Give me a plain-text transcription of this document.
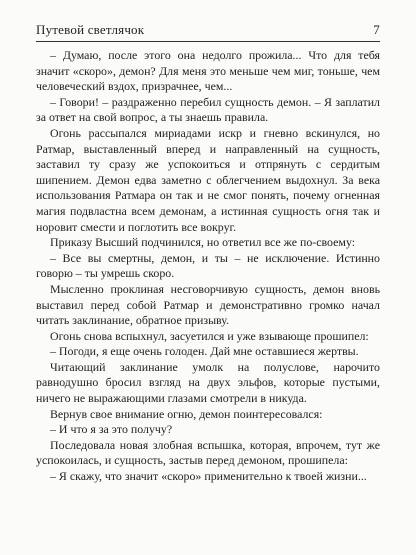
Путевой светлячок	7

– Думаю, после этого она недолго прожила... Что для тебя значит «скоро», демон? Для меня это меньше чем миг, тоньше, чем человеческий вздох, призрачнее, чем...

– Говори! – раздраженно перебил сущность демон. – Я заплатил за ответ на свой вопрос, а ты знаешь правила.

Огонь рассыпался мириадами искр и гневно вскинулся, но Ратмар, выставленный вперед и направленный на сущность, заставил ту сразу же успокоиться и отпрянуть с сердитым шипением. Демон едва заметно с облегчением выдохнул. За века использования Ратмара он так и не смог понять, почему огненная магия подвластна всем демонам, а истинная сущность огня так и норовит смести и поглотить все вокруг.

Приказу Высший подчинился, но ответил все же по-своему:

– Все вы смертны, демон, и ты – не исключение. Истинно говорю – ты умрешь скоро.

Мысленно проклиная несговорчивую сущность, демон вновь выставил перед собой Ратмар и демонстративно громко начал читать заклинание, обратное призыву.

Огонь снова вспыхнул, засуетился и уже взывающе прошипел:

– Погоди, я еще очень голоден. Дай мне оставшиеся жертвы.

Читающий заклинание умолк на полуслове, нарочито равнодушно бросил взгляд на двух эльфов, которые пустыми, ничего не выражающими глазами смотрели в никуда.

Вернув свое внимание огню, демон поинтересовался:

– И что я за это получу?

Последовала новая злобная вспышка, которая, впрочем, тут же успокоилась, и сущность, застыв перед демоном, прошипела:

– Я скажу, что значит «скоро» применительно к твоей жизни...
